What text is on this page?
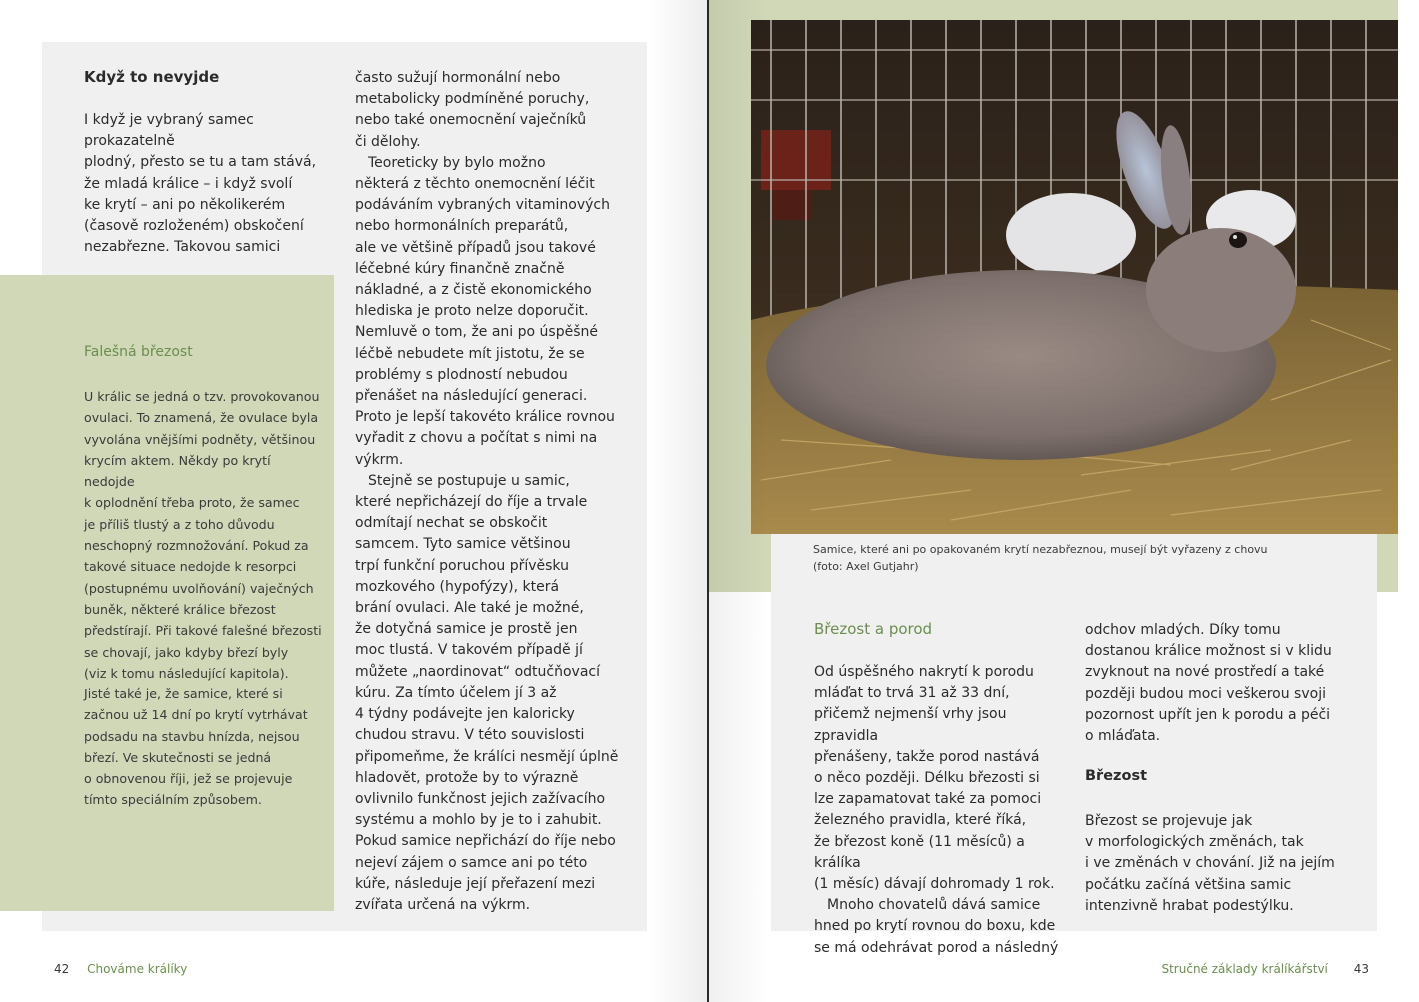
Když to nevyjde

I když je vybraný samec prokazatelně
plodný, přesto se tu a tam stává,
že mladá králice – i když svolí
ke krytí – ani po několikerém
(časově rozloženém) obskočení
nezabřezne. Takovou samici

Falešná březost

U králic se jedná o tzv. provokovanou
ovulaci. To znamená, že ovulace byla
vyvolána vnějšími podněty, většinou
krycím aktem. Někdy po krytí nedojde
k oplodnění třeba proto, že samec
je příliš tlustý a z toho důvodu
neschopný rozmnožování. Pokud za
takové situace nedojde k resorpci
(postupnému uvolňování) vaječných
buněk, některé králice březost
předstírají. Při takové falešné březosti
se chovají, jako kdyby březí byly
(viz k tomu následující kapitola).

Jisté také je, že samice, které si
začnou už 14 dní po krytí vytrhávat
podsadu na stavbu hnízda, nejsou
březí. Ve skutečnosti se jedná
o obnovenou říji, jež se projevuje
tímto speciálním způsobem.

často sužují hormonální nebo
metabolicky podmíněné poruchy,
nebo také onemocnění vaječníků
či dělohy.

Teoreticky by bylo možno
některá z těchto onemocnění léčit
podáváním vybraných vitaminových
nebo hormonálních preparátů,
ale ve většině případů jsou takové
léčebné kúry finančně značně
nákladné, a z čistě ekonomického
hlediska je proto nelze doporučit.
Nemluvě o tom, že ani po úspěšné
léčbě nebudete mít jistotu, že se
problémy s plodností nebudou
přenášet na následující generaci.
Proto je lepší takovéto králice rovnou
vyřadit z chovu a počítat s nimi na
výkrm.

Stejně se postupuje u samic,
které nepřicházejí do říje a trvale
odmítají nechat se obskočit
samcem. Tyto samice většinou
trpí funkční poruchou přívěsku
mozkového (hypofýzy), která
brání ovulaci. Ale také je možné,
že dotyčná samice je prostě jen
moc tlustá. V takovém případě jí
můžete „naordinovat“ odtučňovací
kúru. Za tímto účelem jí 3 až
4 týdny podávejte jen kaloricky
chudou stravu. V této souvislosti
připomeňme, že králíci nesmějí úplně
hladovět, protože by to výrazně
ovlivnilo funkčnost jejich zažívacího
systému a mohlo by je to i zahubit.
Pokud samice nepřichází do říje nebo
nejeví zájem o samce ani po této
kúře, následuje její přeřazení mezi
zvířata určená na výkrm.

42 Chováme králíky

Samice, které ani po opakovaném krytí nezabřeznou, musejí být vyřazeny z chovu
(foto: Axel Gutjahr)

Březost a porod

Od úspěšného nakrytí k porodu
mláďat to trvá 31 až 33 dní,
přičemž nejmenší vrhy jsou zpravidla
přenášeny, takže porod nastává
o něco později. Délku březosti si
lze zapamatovat také za pomoci
železného pravidla, které říká,
že březost koně (11 měsíců) a králíka
(1 měsíc) dávají dohromady 1 rok.

Mnoho chovatelů dává samice
hned po krytí rovnou do boxu, kde
se má odehrávat porod a následný

odchov mladých. Díky tomu
dostanou králice možnost si v klidu
zvyknout na nové prostředí a také
později budou moci veškerou svoji
pozornost upřít jen k porodu a péči
o mláďata.

Březost

Březost se projevuje jak
v morfologických změnách, tak
i ve změnách v chování. Již na jejím
počátku začíná většina samic
intenzivně hrabat podestýlku.

Stručné základy králíkářství 43
